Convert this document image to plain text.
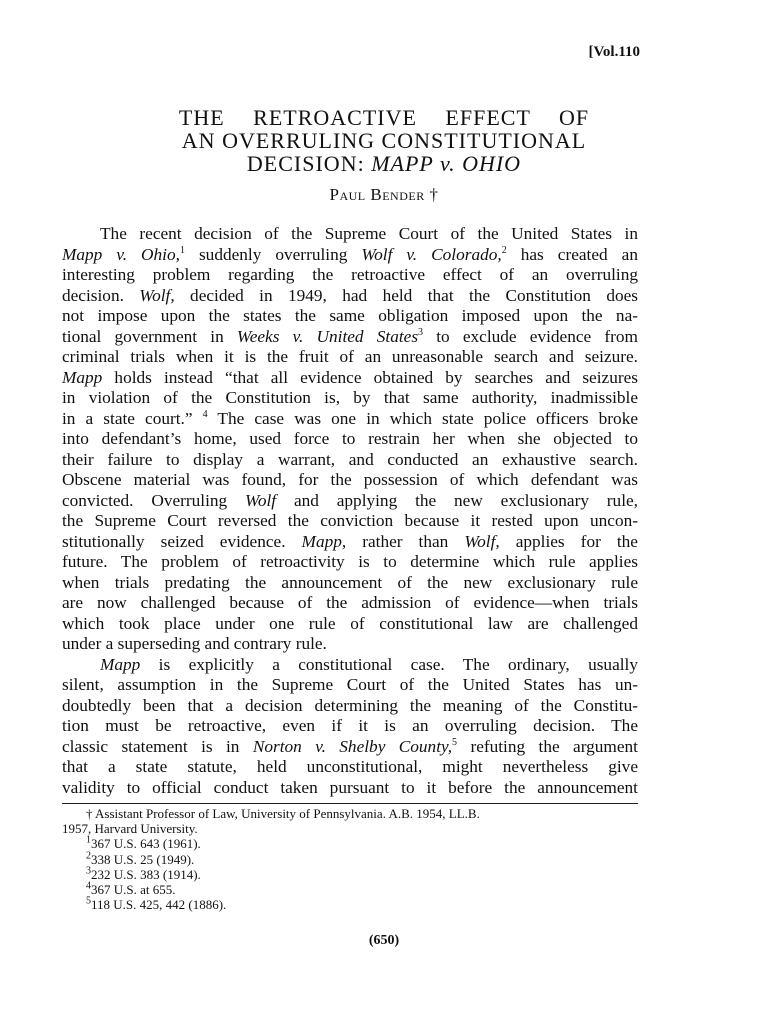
[Vol.110
THE RETROACTIVE EFFECT OF
AN OVERRULING CONSTITUTIONAL
DECISION: MAPP v. OHIO
Paul Bender †
The recent decision of the Supreme Court of the United States in
Mapp v. Ohio,$^1$ suddenly overruling Wolf v. Colorado,$^2$ has created an
interesting problem regarding the retroactive effect of an overruling
decision. Wolf, decided in 1949, had held that the Constitution does
not impose upon the states the same obligation imposed upon the na-
tional government in Weeks v. United States$^3$ to exclude evidence from
criminal trials when it is the fruit of an unreasonable search and seizure.
Mapp holds instead “that all evidence obtained by searches and seizures
in violation of the Constitution is, by that same authority, inadmissible
in a state court.” $^4$ The case was one in which state police officers broke
into defendant’s home, used force to restrain her when she objected to
their failure to display a warrant, and conducted an exhaustive search.
Obscene material was found, for the possession of which defendant was
convicted. Overruling Wolf and applying the new exclusionary rule,
the Supreme Court reversed the conviction because it rested upon uncon-
stitutionally seized evidence. Mapp, rather than Wolf, applies for the
future. The problem of retroactivity is to determine which rule applies
when trials predating the announcement of the new exclusionary rule
are now challenged because of the admission of evidence—when trials
which took place under one rule of constitutional law are challenged
under a superseding and contrary rule.
Mapp is explicitly a constitutional case. The ordinary, usually
silent, assumption in the Supreme Court of the United States has un-
doubtedly been that a decision determining the meaning of the Constitu-
tion must be retroactive, even if it is an overruling decision. The
classic statement is in Norton v. Shelby County,$^5$ refuting the argument
that a state statute, held unconstitutional, might nevertheless give
validity to official conduct taken pursuant to it before the announcement
† Assistant Professor of Law, University of Pennsylvania. A.B. 1954, LL.B.
1957, Harvard University.
$^1$367 U.S. 643 (1961).
$^2$338 U.S. 25 (1949).
$^3$232 U.S. 383 (1914).
$^4$367 U.S. at 655.
$^5$118 U.S. 425, 442 (1886).
(650)
